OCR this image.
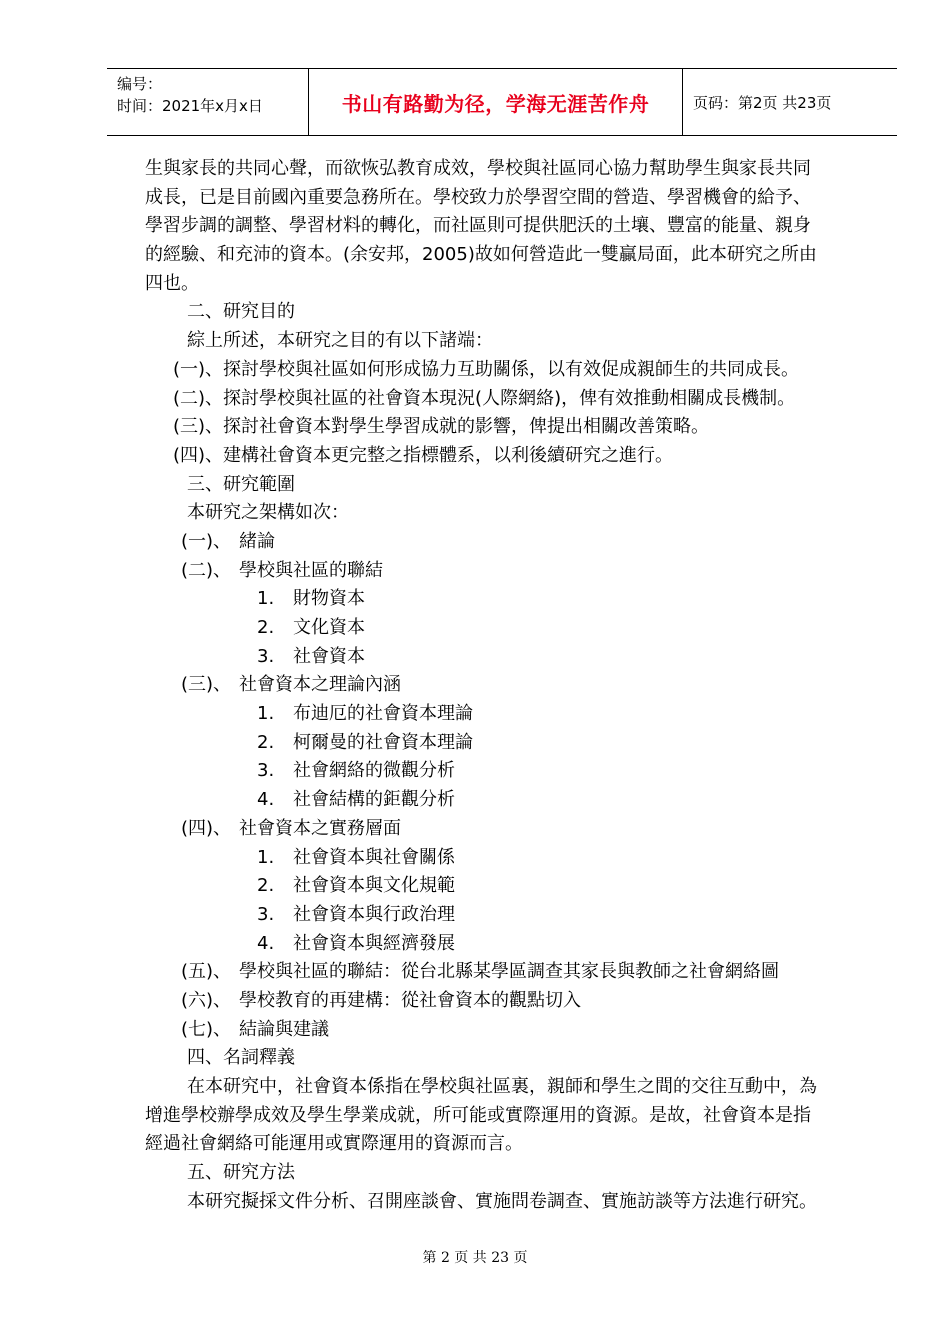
编号：
时间：2021年x月x日	书山有路勤为径，学海无涯苦作舟	页码：第2页 共23页
生與家長的共同心聲，而欲恢弘教育成效，學校與社區同心協力幫助學生與家長共同
成長，已是目前國內重要急務所在。學校致力於學習空間的營造、學習機會的給予、
學習步調的調整、學習材料的轉化，而社區則可提供肥沃的土壤、豐富的能量、親身
的經驗、和充沛的資本。(余安邦，2005)故如何營造此一雙贏局面，此本研究之所由
四也。
二、研究目的
綜上所述，本研究之目的有以下諸端：
(一)、探討學校與社區如何形成協力互助關係，以有效促成親師生的共同成長。
(二)、探討學校與社區的社會資本現況(人際網絡)，俾有效推動相關成長機制。
(三)、探討社會資本對學生學習成就的影響，俾提出相關改善策略。
(四)、建構社會資本更完整之指標體系，以利後續研究之進行。
三、研究範圍
本研究之架構如次：
(一)、 緒論
(二)、 學校與社區的聯結
1. 財物資本
2. 文化資本
3. 社會資本
(三)、 社會資本之理論內涵
1. 布迪厄的社會資本理論
2. 柯爾曼的社會資本理論
3. 社會網絡的微觀分析
4. 社會結構的鉅觀分析
(四)、 社會資本之實務層面
1. 社會資本與社會關係
2. 社會資本與文化規範
3. 社會資本與行政治理
4. 社會資本與經濟發展
(五)、 學校與社區的聯結：從台北縣某學區調查其家長與教師之社會網絡圖
(六)、 學校教育的再建構：從社會資本的觀點切入
(七)、 結論與建議
四、名詞釋義
在本研究中，社會資本係指在學校與社區裏，親師和學生之間的交往互動中，為
增進學校辦學成效及學生學業成就，所可能或實際運用的資源。是故，社會資本是指
經過社會網絡可能運用或實際運用的資源而言。
五、研究方法
本研究擬採文件分析、召開座談會、實施問卷調查、實施訪談等方法進行研究。
第 2 页 共 23 页
